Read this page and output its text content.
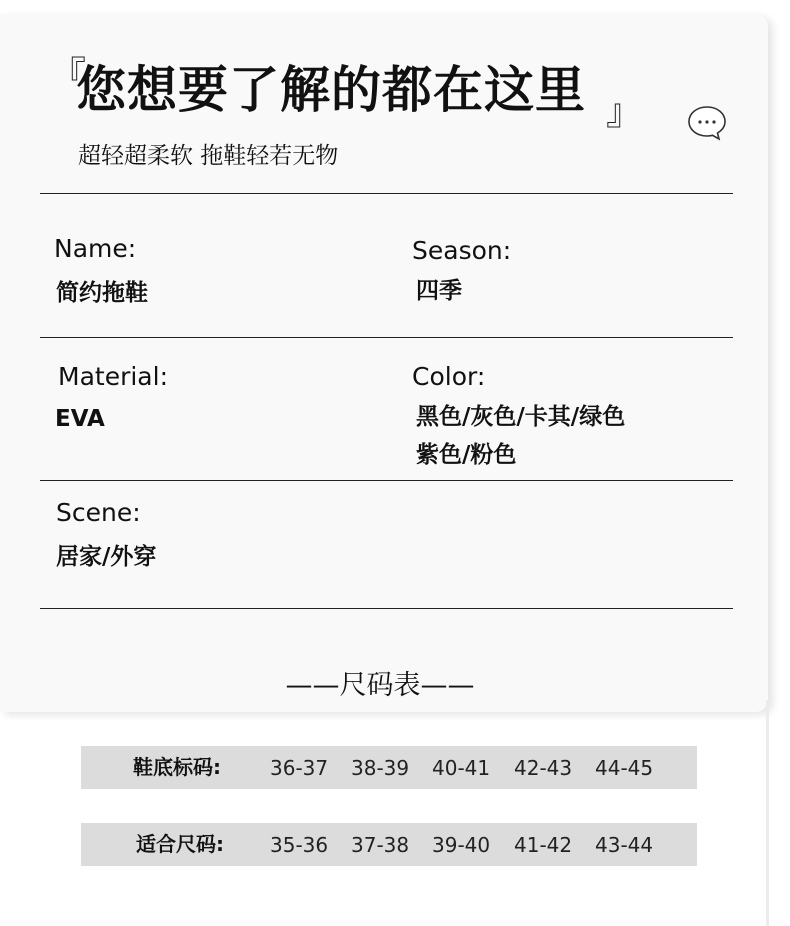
『
您想要了解的都在这里 』
超轻超柔软 拖鞋轻若无物
Name:
简约拖鞋
Season:
四季
Material:
EVA
Color:
黑色/灰色/卡其/绿色
紫色/粉色
Scene:
居家/外穿
——尺码表——
鞋底标码: 36-37 38-39 40-41 42-43 44-45
适合尺码: 35-36 37-38 39-40 41-42 43-44
